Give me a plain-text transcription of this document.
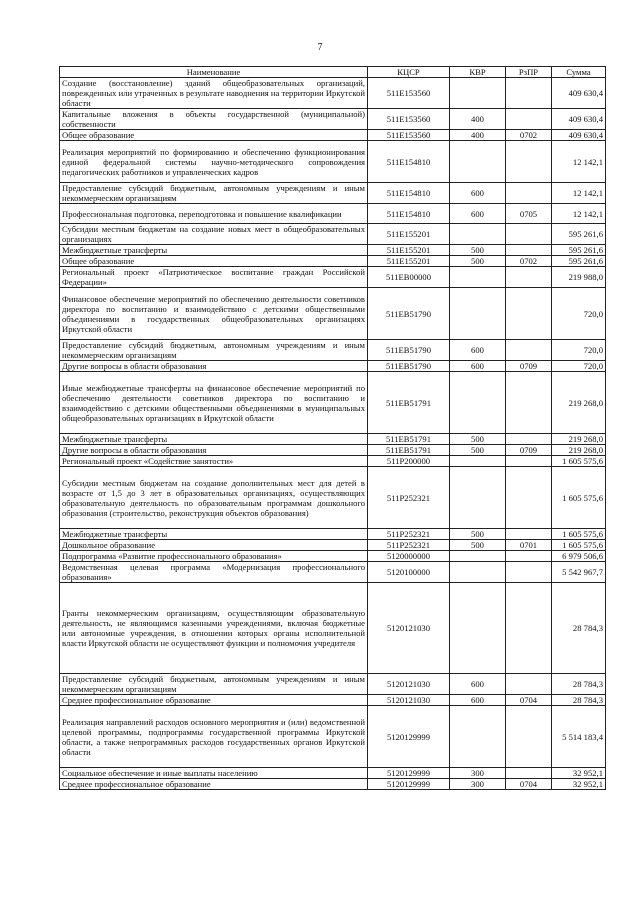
7
Наименование	КЦСР	КВР	РзПР	Сумма
Создание (восстановление) зданий общеобразовательных организаций, поврежденных или утраченных в результате наводнения на территории Иркутской области	511E153560			409 630,4
Капитальные вложения в объекты государственной (муниципальной) собственности	511E153560	400		409 630,4
Общее образование	511E153560	400	0702	409 630,4
Реализация мероприятий по формированию и обеспечению функционирования единой федеральной системы научно-методического сопровождения педагогических работников и управленческих кадров	511E154810			12 142,1
Предоставление субсидий бюджетным, автономным учреждениям и иным некоммерческим организациям	511E154810	600		12 142,1
Профессиональная подготовка, переподготовка и повышение квалификации	511E154810	600	0705	12 142,1
Субсидии местным бюджетам на создание новых мест в общеобразовательных организациях	511E155201			595 261,6
Межбюджетные трансферты	511E155201	500		595 261,6
Общее образование	511E155201	500	0702	595 261,6
Региональный проект «Патриотическое воспитание граждан Российской Федерации»	511EB00000			219 988,0
Финансовое обеспечение мероприятий по обеспечению деятельности советников директора по воспитанию и взаимодействию с детскими общественными объединениями в государственных общеобразовательных организациях Иркутской области	511EB51790			720,0
Предоставление субсидий бюджетным, автономным учреждениям и иным некоммерческим организациям	511EB51790	600		720,0
Другие вопросы в области образования	511EB51790	600	0709	720,0
Иные межбюджетные трансферты на финансовое обеспечение мероприятий по обеспечению деятельности советников директора по воспитанию и взаимодействию с детскими общественными объединениями в муниципальных общеобразовательных организациях в Иркутской области	511EB51791			219 268,0
Межбюджетные трансферты	511EB51791	500		219 268,0
Другие вопросы в области образования	511EB51791	500	0709	219 268,0
Региональный проект «Содействие занятости»	511P200000			1 605 575,6
Субсидии местным бюджетам на создание дополнительных мест для детей в возрасте от 1,5 до 3 лет в образовательных организациях, осуществляющих образовательную деятельность по образовательным программам дошкольного образования (строительство, реконструкция объектов образования)	511P252321			1 605 575,6
Межбюджетные трансферты	511P252321	500		1 605 575,6
Дошкольное образование	511P252321	500	0701	1 605 575,6
Подпрограмма «Развитие профессионального образования»	5120000000			6 979 506,6
Ведомственная целевая программа «Модернизация профессионального образования»	5120100000			5 542 967,7
Гранты некоммерческим организациям, осуществляющим образовательную деятельность, не являющимся казенными учреждениями, включая бюджетные или автономные учреждения, в отношении которых органы исполнительной власти Иркутской области не осуществляют функции и полномочия учредителя	5120121030			28 784,3
Предоставление субсидий бюджетным, автономным учреждениям и иным некоммерческим организациям	5120121030	600		28 784,3
Среднее профессиональное образование	5120121030	600	0704	28 784,3
Реализация направлений расходов основного мероприятия и (или) ведомственной целевой программы, подпрограммы государственной программы Иркутской области, а также непрограммных расходов государственных органов Иркутской области	5120129999			5 514 183,4
Социальное обеспечение и иные выплаты населению	5120129999	300		32 952,1
Среднее профессиональное образование	5120129999	300	0704	32 952,1
